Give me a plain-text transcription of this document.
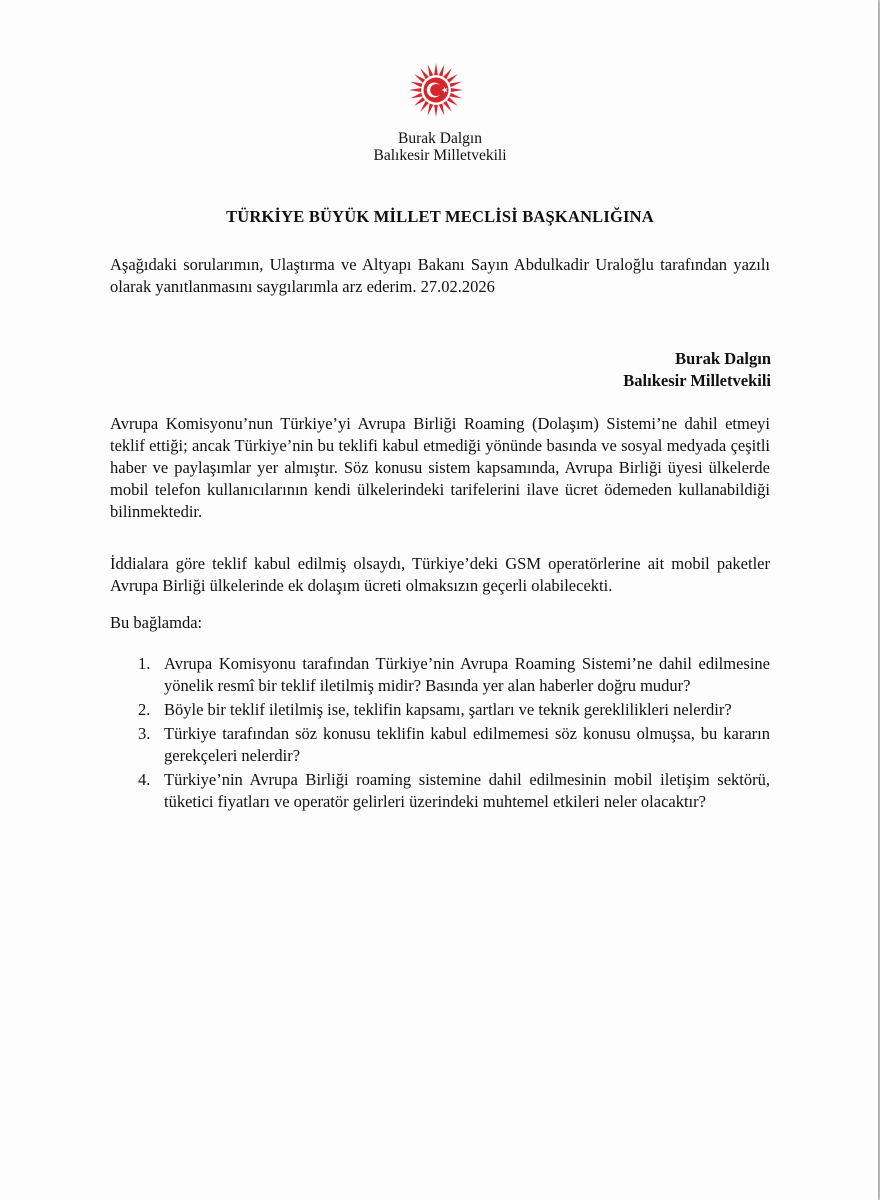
Burak Dalgın
Balıkesir Milletvekili
TÜRKİYE BÜYÜK MİLLET MECLİSİ BAŞKANLIĞINA
Aşağıdaki sorularımın, Ulaştırma ve Altyapı Bakanı Sayın Abdulkadir Uraloğlu tarafından yazılı olarak yanıtlanmasını saygılarımla arz ederim. 27.02.2026
Burak Dalgın
Balıkesir Milletvekili
Avrupa Komisyonu’nun Türkiye’yi Avrupa Birliği Roaming (Dolaşım) Sistemi’ne dahil etmeyi teklif ettiği; ancak Türkiye’nin bu teklifi kabul etmediği yönünde basında ve sosyal medyada çeşitli haber ve paylaşımlar yer almıştır. Söz konusu sistem kapsamında, Avrupa Birliği üyesi ülkelerde mobil telefon kullanıcılarının kendi ülkelerindeki tarifelerini ilave ücret ödemeden kullanabildiği bilinmektedir.
İddialara göre teklif kabul edilmiş olsaydı, Türkiye’deki GSM operatörlerine ait mobil paketler Avrupa Birliği ülkelerinde ek dolaşım ücreti olmaksızın geçerli olabilecekti.
Bu bağlamda:
1. Avrupa Komisyonu tarafından Türkiye’nin Avrupa Roaming Sistemi’ne dahil edilmesine yönelik resmî bir teklif iletilmiş midir? Basında yer alan haberler doğru mudur?
2. Böyle bir teklif iletilmiş ise, teklifin kapsamı, şartları ve teknik gereklilikleri nelerdir?
3. Türkiye tarafından söz konusu teklifin kabul edilmemesi söz konusu olmuşsa, bu kararın gerekçeleri nelerdir?
4. Türkiye’nin Avrupa Birliği roaming sistemine dahil edilmesinin mobil iletişim sektörü, tüketici fiyatları ve operatör gelirleri üzerindeki muhtemel etkileri neler olacaktır?
